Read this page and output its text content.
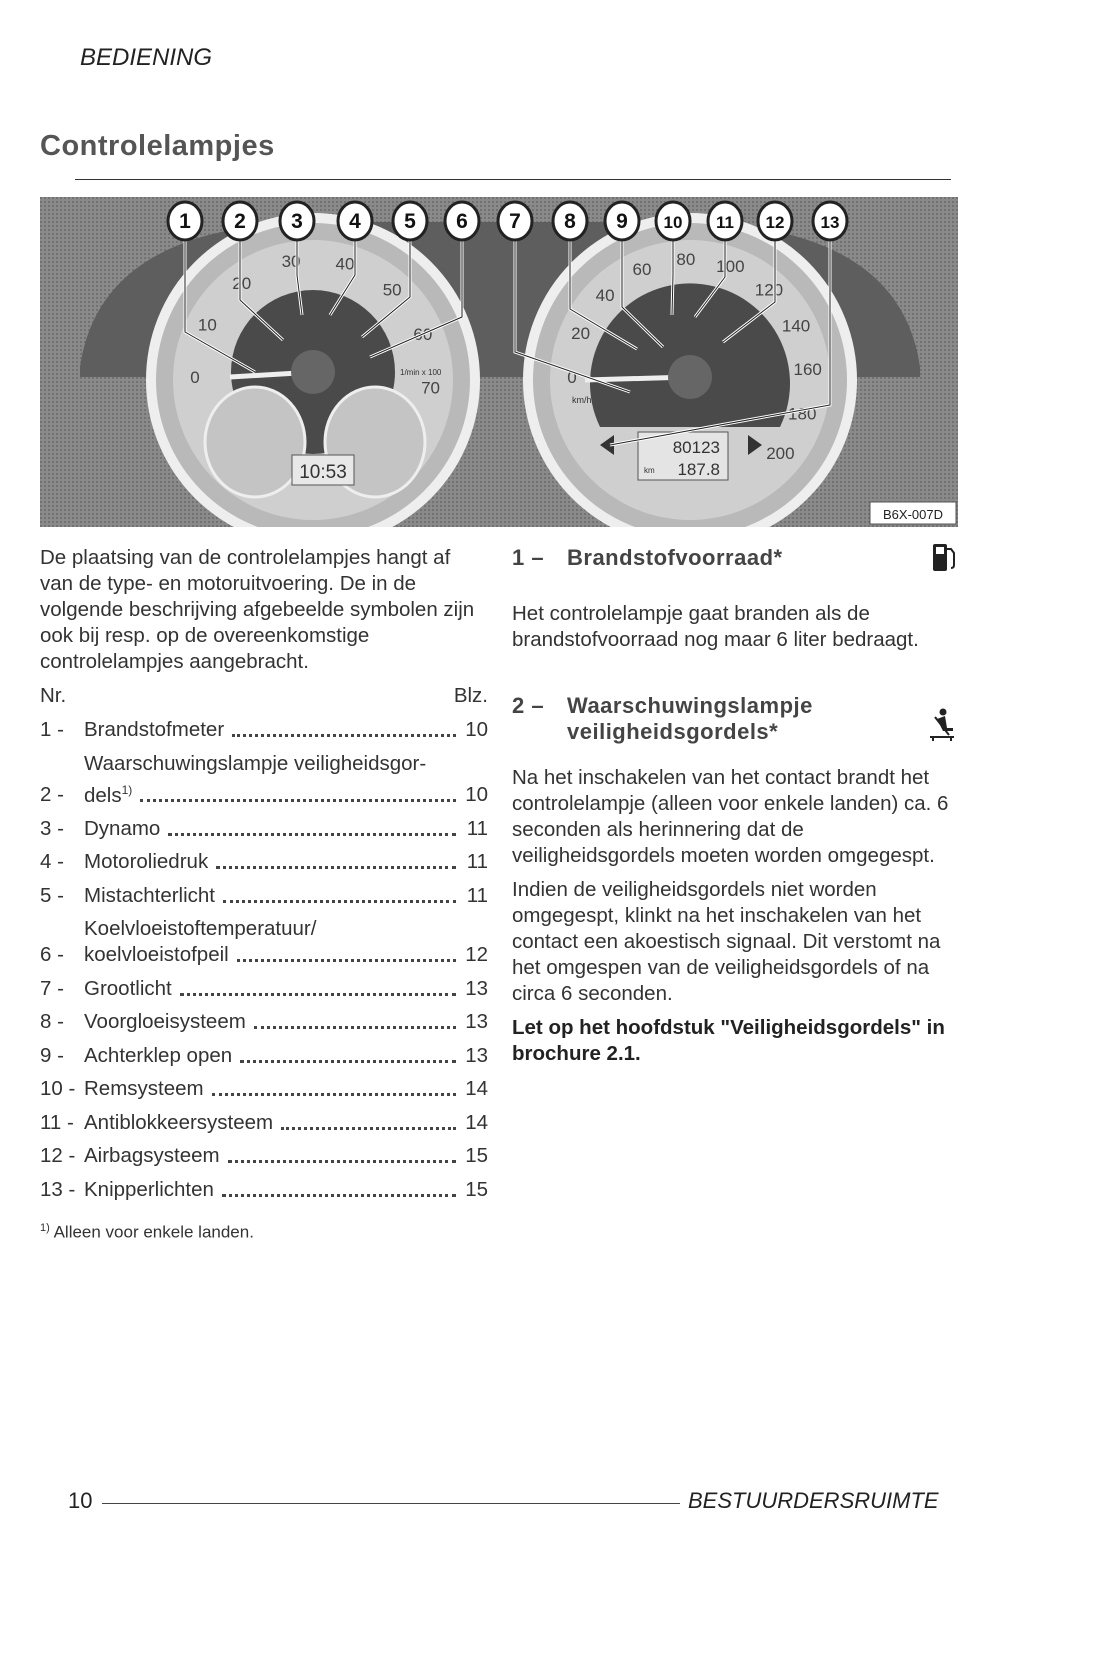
BEDIENING
Controlelampjes
10:53
1/min x 100
80123
187.8
km
km/h
0
10
20
30 40
50
60
70
0
20
40
60
80 100
120
140
160
180
200
1 2 3 4 5 6 7 8 9 10 11 12 13
B6X-007D

De plaatsing van de controlelampjes hangt af van de type- en motoruitvoering. De in de volgende beschrijving afgebeelde symbolen zijn ook bij resp. op de overeenkomstige controlelampjes aangebracht.

Nr.	Blz.
1 - Brandstofmeter	10
2 -
Waarschuwingslampje veiligheidsgor-
dels$^{1)}$	10
3 - Dynamo	11
4 - Motoroliedruk	11
5 - Mistachterlicht	11
6 -
Koelvloeistoftemperatuur/
koelvloeistofpeil	12
7 - Grootlicht	13
8 - Voorgloeisysteem	13
9 - Achterklep open	13
10 - Remsysteem	14
11 - Antiblokkeersysteem	14
12 - Airbagsysteem	15
13 - Knipperlichten	15
$^{1)}$ Alleen voor enkele landen.
1 –	Brandstofvoorraad*

Het controlelampje gaat branden als de brandstofvoorraad nog maar 6 liter bedraagt.

2 –	Waarschuwingslampje
veiligheidsgordels*

Na het inschakelen van het contact brandt het controlelampje (alleen voor enkele landen) ca. 6 seconden als herinnering dat de veiligheidsgordels moeten worden omgegespt.

Indien de veiligheidsgordels niet worden omgegespt, klinkt na het inschakelen van het contact een akoestisch signaal. Dit verstomt na het omgespen van de veiligheidsgordels of na circa 6 seconden.

Let op het hoofdstuk "Veiligheidsgordels" in brochure 2.1.

10	BESTUURDERSRUIMTE
